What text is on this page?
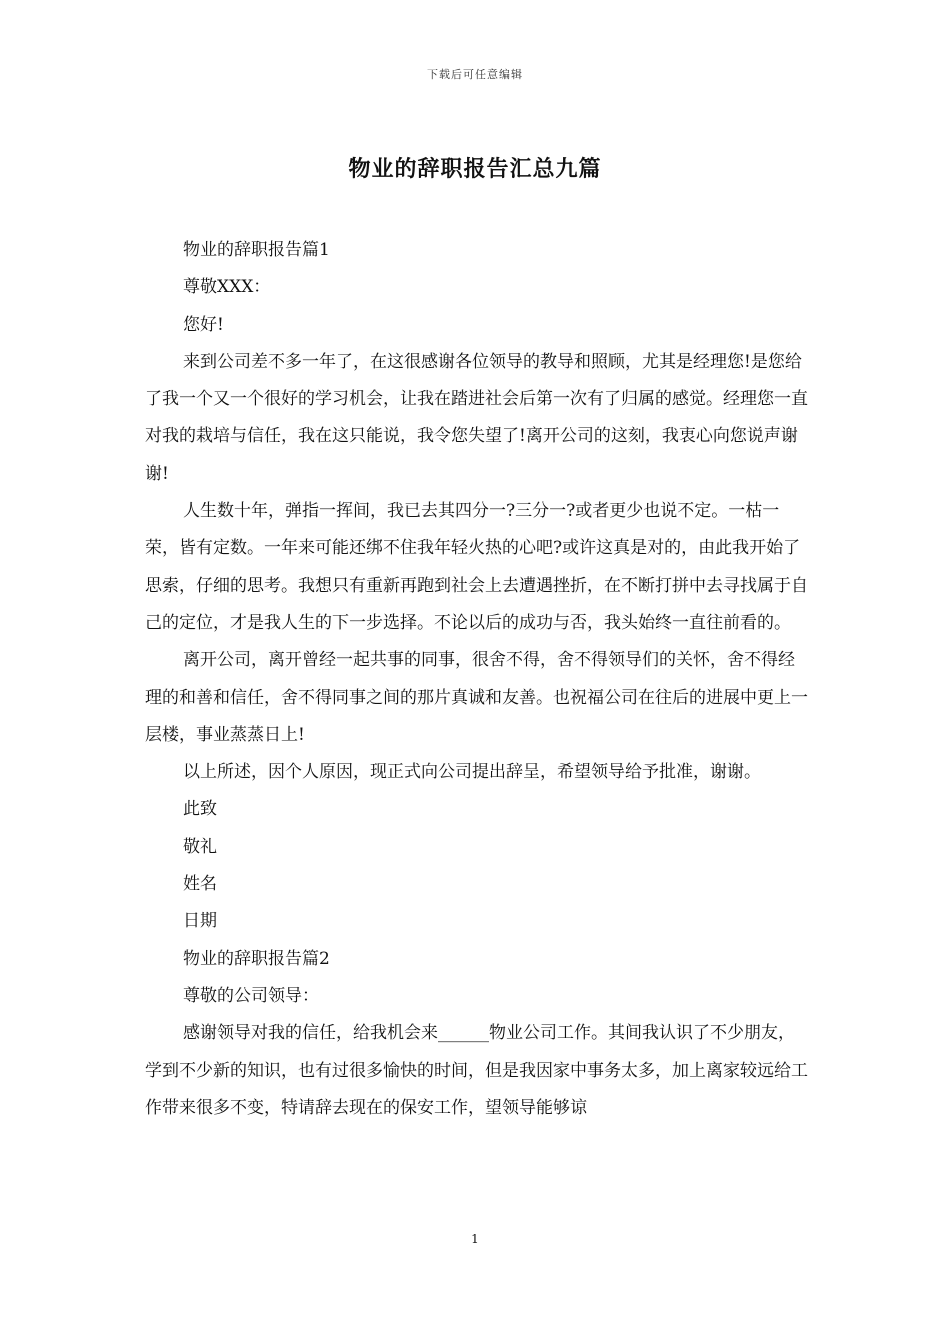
下载后可任意编辑
物业的辞职报告汇总九篇

物业的辞职报告篇1

尊敬XXX：

您好!

来到公司差不多一年了，在这很感谢各位领导的教导和照顾，尤其是经理您!是您给了我一个又一个很好的学习机会，让我在踏进社会后第一次有了归属的感觉。经理您一直对我的栽培与信任，我在这只能说，我令您失望了!离开公司的这刻，我衷心向您说声谢谢!

人生数十年，弹指一挥间，我已去其四分一?三分一?或者更少也说不定。一枯一荣，皆有定数。一年来可能还绑不住我年轻火热的心吧?或许这真是对的，由此我开始了思索，仔细的思考。我想只有重新再跑到社会上去遭遇挫折，在不断打拼中去寻找属于自己的定位，才是我人生的下一步选择。不论以后的成功与否，我头始终一直往前看的。

离开公司，离开曾经一起共事的同事，很舍不得，舍不得领导们的关怀，舍不得经理的和善和信任，舍不得同事之间的那片真诚和友善。也祝福公司在往后的进展中更上一层楼，事业蒸蒸日上!

以上所述，因个人原因，现正式向公司提出辞呈，希望领导给予批准，谢谢。

此致

敬礼

姓名

日期

物业的辞职报告篇2

尊敬的公司领导：

感谢领导对我的信任，给我机会来______物业公司工作。其间我认识了不少朋友，学到不少新的知识，也有过很多愉快的时间，但是我因家中事务太多，加上离家较远给工作带来很多不变，特请辞去现在的保安工作，望领导能够谅

1
